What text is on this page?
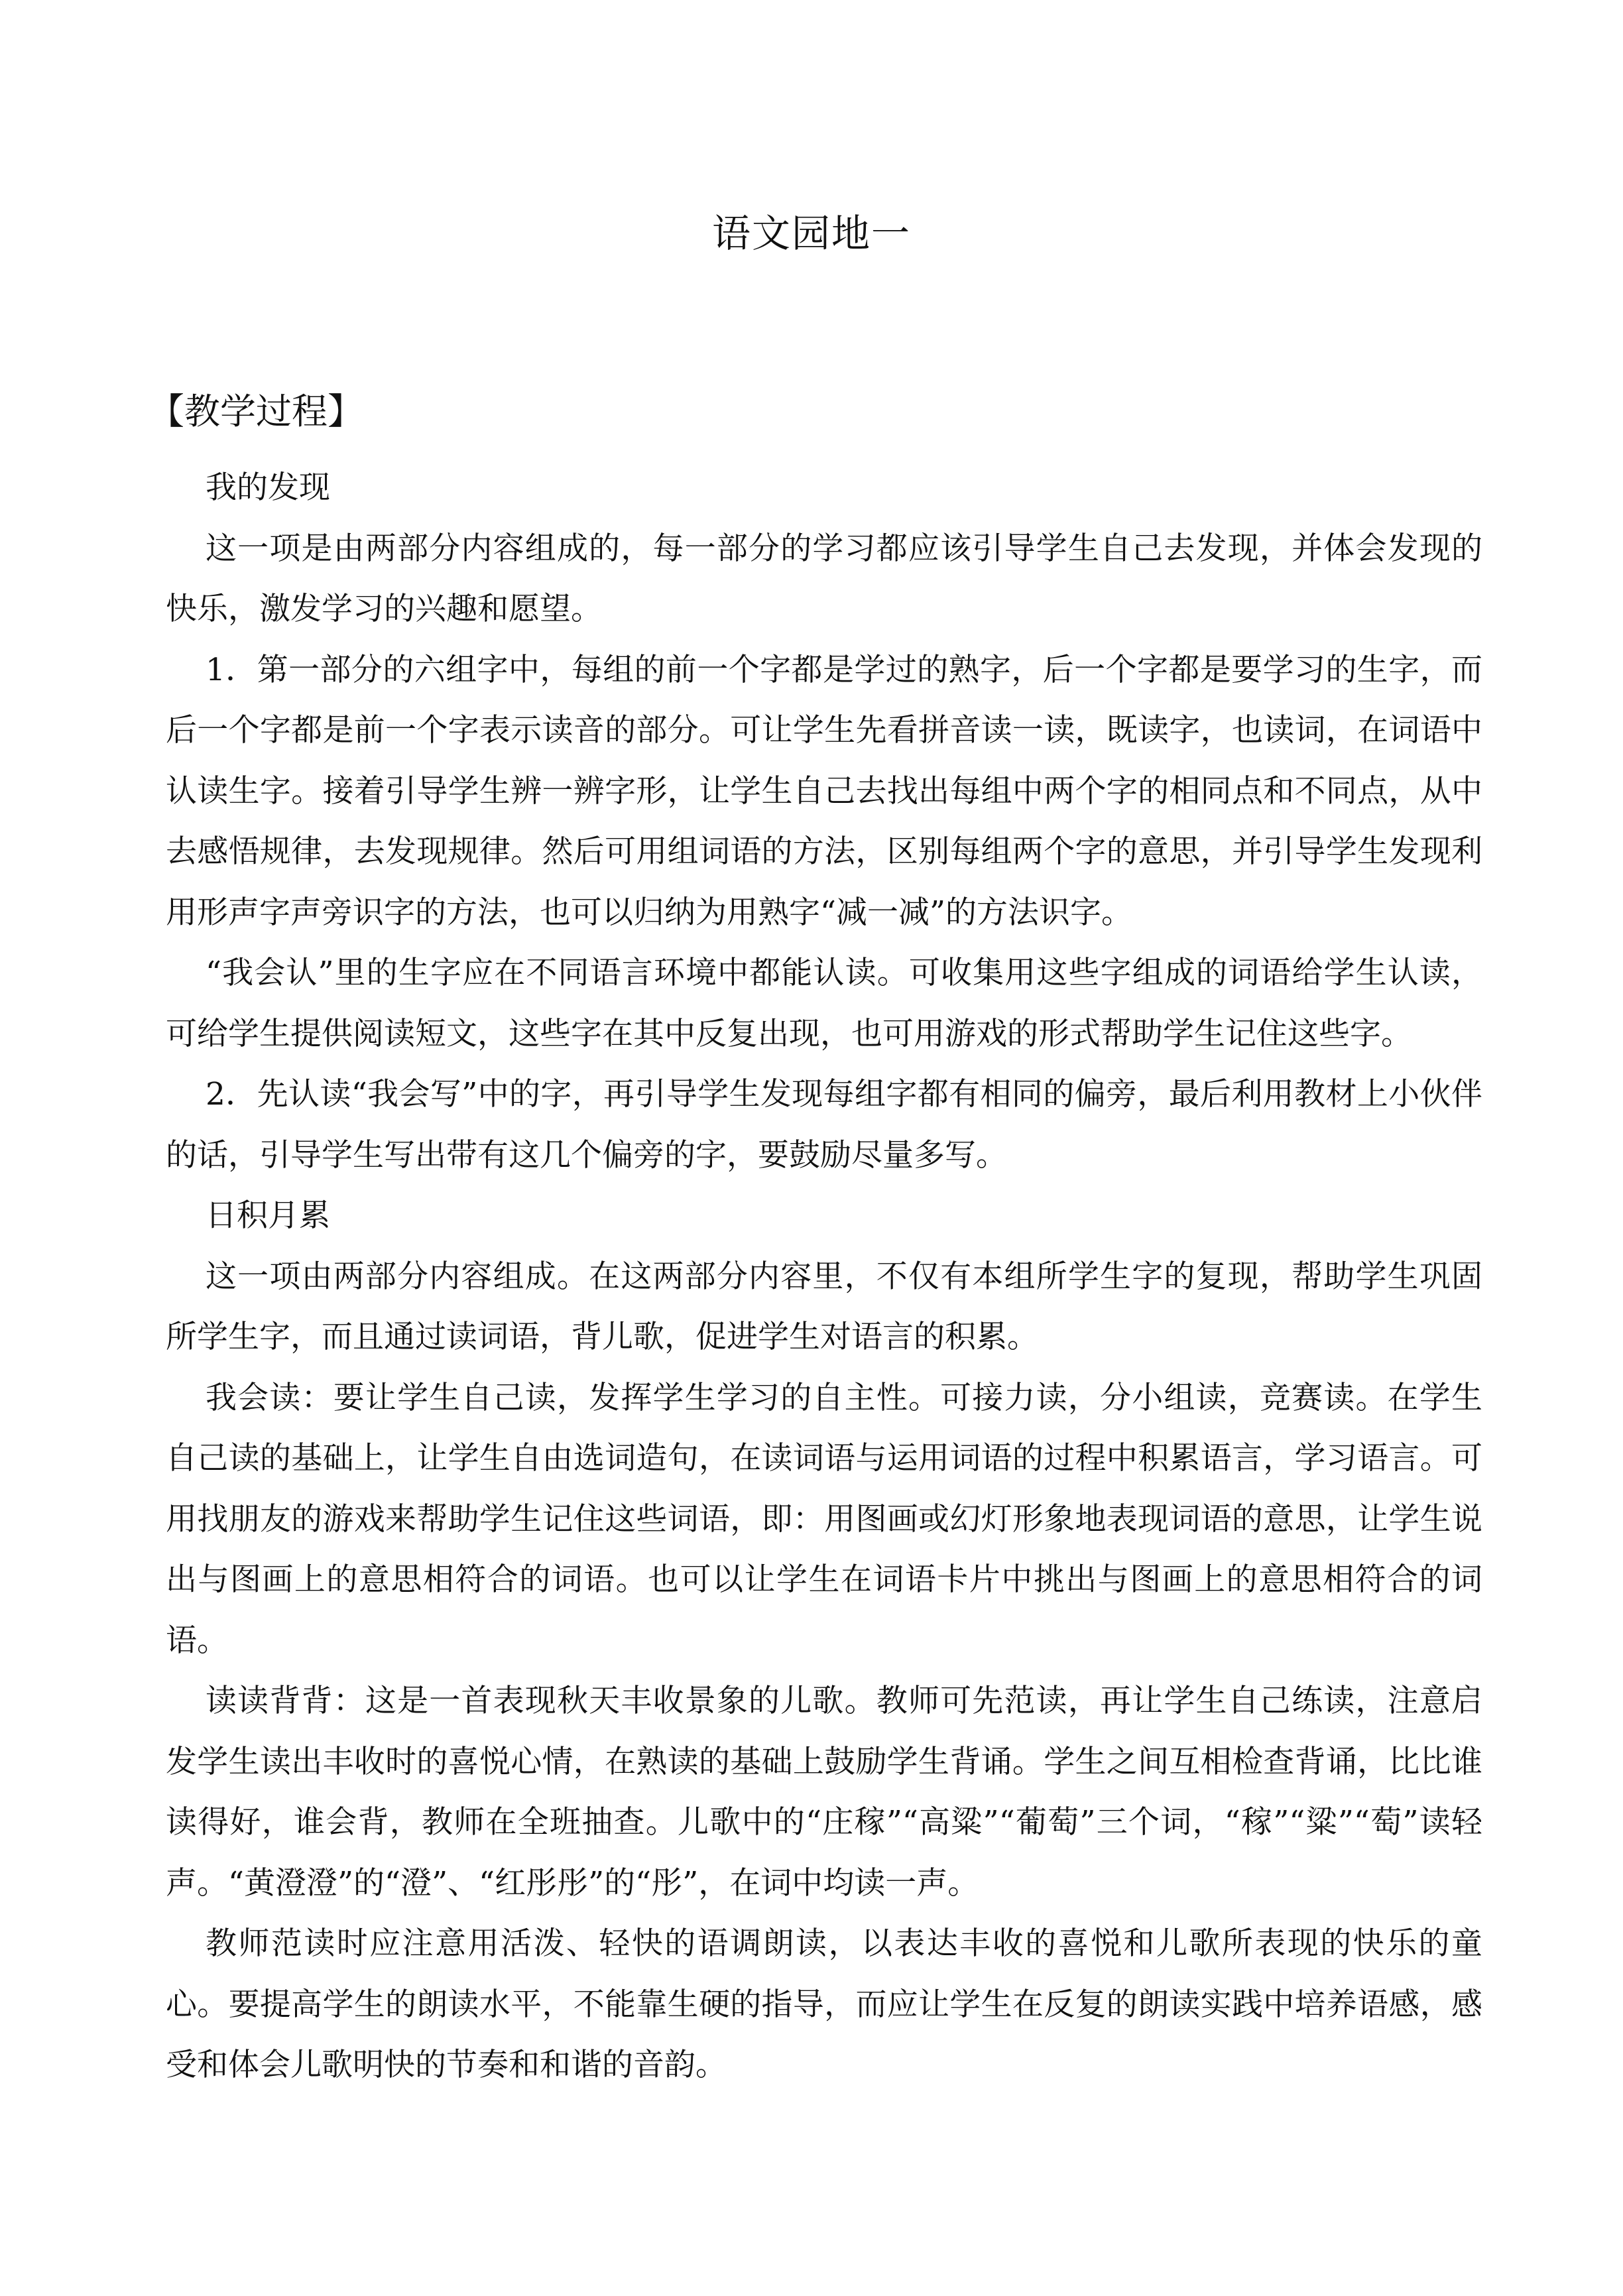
语文园地一
【教学过程】

我的发现

这一项是由两部分内容组成的，每一部分的学习都应该引导学生自己去发现，并体会发现的快乐，激发学习的兴趣和愿望。

1．第一部分的六组字中，每组的前一个字都是学过的熟字，后一个字都是要学习的生字，而后一个字都是前一个字表示读音的部分。可让学生先看拼音读一读，既读字，也读词，在词语中认读生字。接着引导学生辨一辨字形，让学生自己去找出每组中两个字的相同点和不同点，从中去感悟规律，去发现规律。然后可用组词语的方法，区别每组两个字的意思，并引导学生发现利用形声字声旁识字的方法，也可以归纳为用熟字“减一减”的方法识字。

“我会认”里的生字应在不同语言环境中都能认读。可收集用这些字组成的词语给学生认读，可给学生提供阅读短文，这些字在其中反复出现，也可用游戏的形式帮助学生记住这些字。

2．先认读“我会写”中的字，再引导学生发现每组字都有相同的偏旁，最后利用教材上小伙伴的话，引导学生写出带有这几个偏旁的字，要鼓励尽量多写。

日积月累

这一项由两部分内容组成。在这两部分内容里，不仅有本组所学生字的复现，帮助学生巩固所学生字，而且通过读词语，背儿歌，促进学生对语言的积累。

我会读：要让学生自己读，发挥学生学习的自主性。可接力读，分小组读，竞赛读。在学生自己读的基础上，让学生自由选词造句，在读词语与运用词语的过程中积累语言，学习语言。可用找朋友的游戏来帮助学生记住这些词语，即：用图画或幻灯形象地表现词语的意思，让学生说出与图画上的意思相符合的词语。也可以让学生在词语卡片中挑出与图画上的意思相符合的词语。

读读背背：这是一首表现秋天丰收景象的儿歌。教师可先范读，再让学生自己练读，注意启发学生读出丰收时的喜悦心情，在熟读的基础上鼓励学生背诵。学生之间互相检查背诵，比比谁读得好，谁会背，教师在全班抽查。儿歌中的“庄稼”“高粱”“葡萄”三个词，“稼”“粱”“萄”读轻声。“黄澄澄”的“澄”、“红彤彤”的“彤”，在词中均读一声。

教师范读时应注意用活泼、轻快的语调朗读，以表达丰收的喜悦和儿歌所表现的快乐的童心。要提高学生的朗读水平，不能靠生硬的指导，而应让学生在反复的朗读实践中培养语感，感受和体会儿歌明快的节奏和和谐的音韵。
